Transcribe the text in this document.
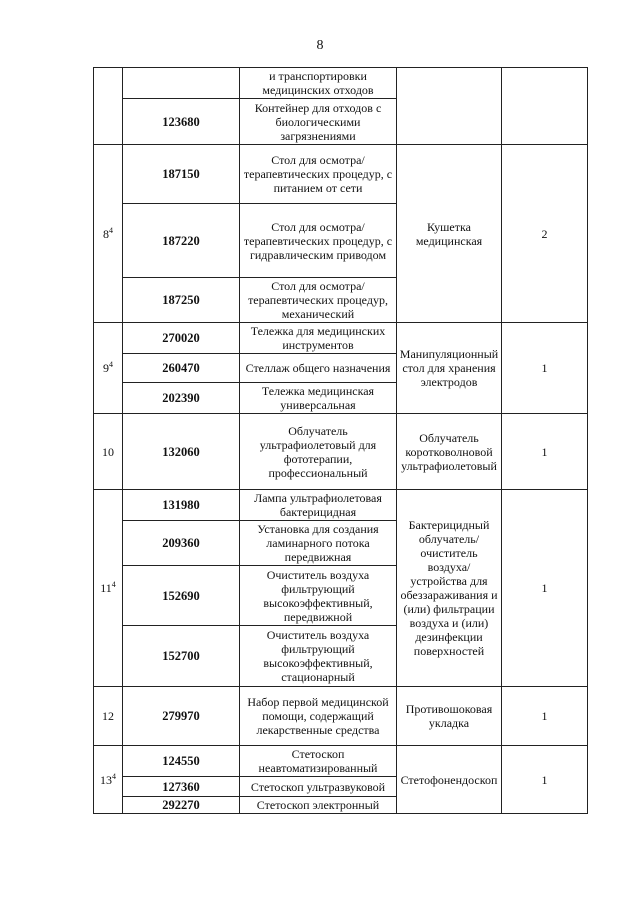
8
		и транспортировки медицинских отходов		
	123680	Контейнер для отходов с биологическими загрязнениями		
$8^4$	187150	Стол для осмотра/терапевтических процедур, с питанием от сети	Кушетка медицинская	2
	187220	Стол для осмотра/терапевтических процедур, с гидравлическим приводом		
	187250	Стол для осмотра/терапевтических процедур, механический		
$9^4$	270020	Тележка для медицинских инструментов	Манипуляционный стол для хранения электродов	1
	260470	Стеллаж общего назначения		
	202390	Тележка медицинская универсальная		
10	132060	Облучатель ультрафиолетовый для фототерапии, профессиональный	Облучатель коротковолновой ультрафиолетовый	1
$11^4$	131980	Лампа ультрафиолетовая бактерицидная	Бактерицидный облучатель/ очиститель воздуха/ устройства для обеззараживания и (или) фильтрации воздуха и (или) дезинфекции поверхностей	1
	209360	Установка для создания ламинарного потока передвижная		
	152690	Очиститель воздуха фильтрующий высокоэффективный, передвижной		
	152700	Очиститель воздуха фильтрующий высокоэффективный, стационарный		
12	279970	Набор первой медицинской помощи, содержащий лекарственные средства	Противошоковая укладка	1
$13^4$	124550	Стетоскоп неавтоматизированный	Стетофонендоскоп	1
	127360	Стетоскоп ультразвуковой		
	292270	Стетоскоп электронный		
